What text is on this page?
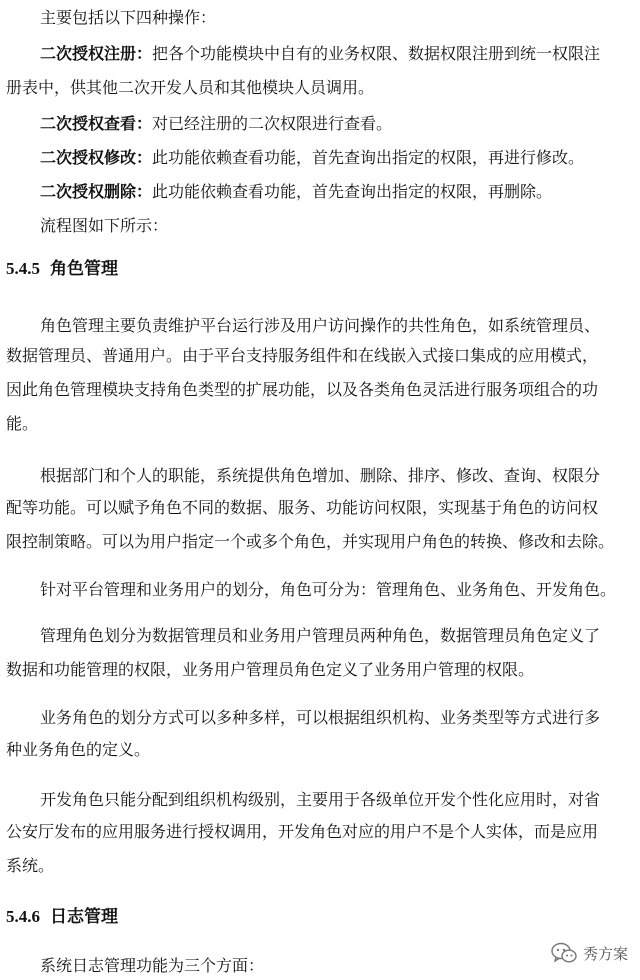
主要包括以下四种操作：

二次授权注册：把各个功能模块中自有的业务权限、数据权限注册到统一权限注

册表中，供其他二次开发人员和其他模块人员调用。

二次授权查看：对已经注册的二次权限进行查看。

二次授权修改：此功能依赖查看功能，首先查询出指定的权限，再进行修改。

二次授权删除：此功能依赖查看功能，首先查询出指定的权限，再删除。

流程图如下所示：

5.4.5 角色管理

角色管理主要负责维护平台运行涉及用户访问操作的共性角色，如系统管理员、

数据管理员、普通用户。由于平台支持服务组件和在线嵌入式接口集成的应用模式，

因此角色管理模块支持角色类型的扩展功能，以及各类角色灵活进行服务项组合的功

能。

根据部门和个人的职能，系统提供角色增加、删除、排序、修改、查询、权限分

配等功能。可以赋予角色不同的数据、服务、功能访问权限，实现基于角色的访问权

限控制策略。可以为用户指定一个或多个角色，并实现用户角色的转换、修改和去除。

针对平台管理和业务用户的划分，角色可分为：管理角色、业务角色、开发角色。

管理角色划分为数据管理员和业务用户管理员两种角色，数据管理员角色定义了

数据和功能管理的权限，业务用户管理员角色定义了业务用户管理的权限。

业务角色的划分方式可以多种多样，可以根据组织机构、业务类型等方式进行多

种业务角色的定义。

开发角色只能分配到组织机构级别，主要用于各级单位开发个性化应用时，对省

公安厅发布的应用服务进行授权调用，开发角色对应的用户不是个人实体，而是应用

系统。

5.4.6 日志管理

系统日志管理功能为三个方面：

秀方案
